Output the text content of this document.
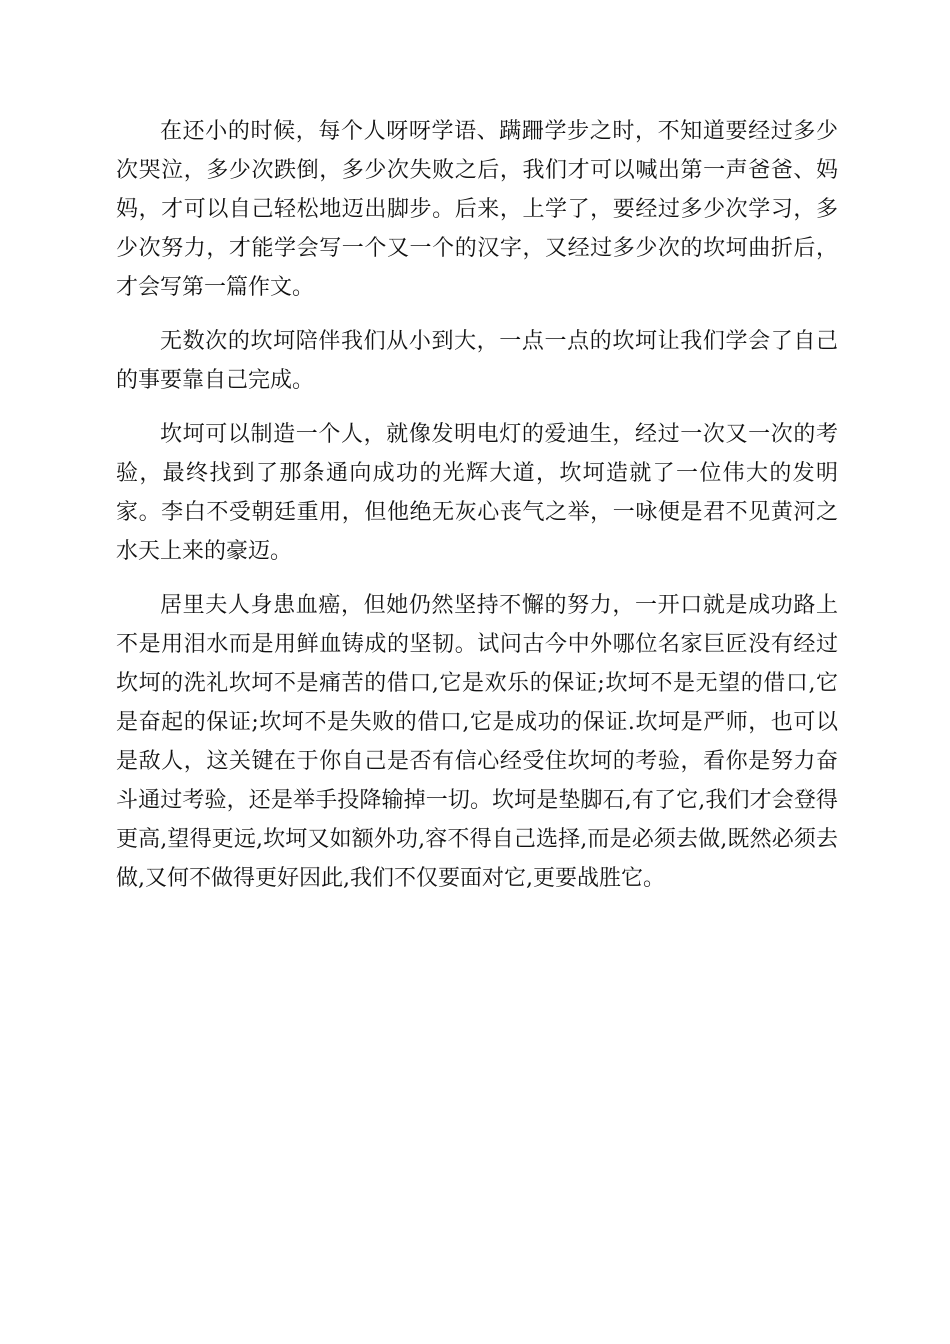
在还小的时候，每个人呀呀学语、蹒跚学步之时，不知道要经过多少次哭泣，多少次跌倒，多少次失败之后，我们才可以喊出第一声爸爸、妈妈，才可以自己轻松地迈出脚步。后来，上学了，要经过多少次学习，多少次努力，才能学会写一个又一个的汉字，又经过多少次的坎坷曲折后，才会写第一篇作文。

无数次的坎坷陪伴我们从小到大，一点一点的坎坷让我们学会了自己的事要靠自己完成。

坎坷可以制造一个人，就像发明电灯的爱迪生，经过一次又一次的考验，最终找到了那条通向成功的光辉大道，坎坷造就了一位伟大的发明家。李白不受朝廷重用，但他绝无灰心丧气之举，一咏便是君不见黄河之水天上来的豪迈。

居里夫人身患血癌，但她仍然坚持不懈的努力，一开口就是成功路上不是用泪水而是用鲜血铸成的坚韧。试问古今中外哪位名家巨匠没有经过坎坷的洗礼坎坷不是痛苦的借口,它是欢乐的保证;坎坷不是无望的借口,它是奋起的保证;坎坷不是失败的借口,它是成功的保证.坎坷是严师，也可以是敌人，这关键在于你自己是否有信心经受住坎坷的考验，看你是努力奋斗通过考验，还是举手投降输掉一切。坎坷是垫脚石,有了它,我们才会登得更高,望得更远,坎坷又如额外功,容不得自己选择,而是必须去做,既然必须去做,又何不做得更好因此,我们不仅要面对它,更要战胜它。
